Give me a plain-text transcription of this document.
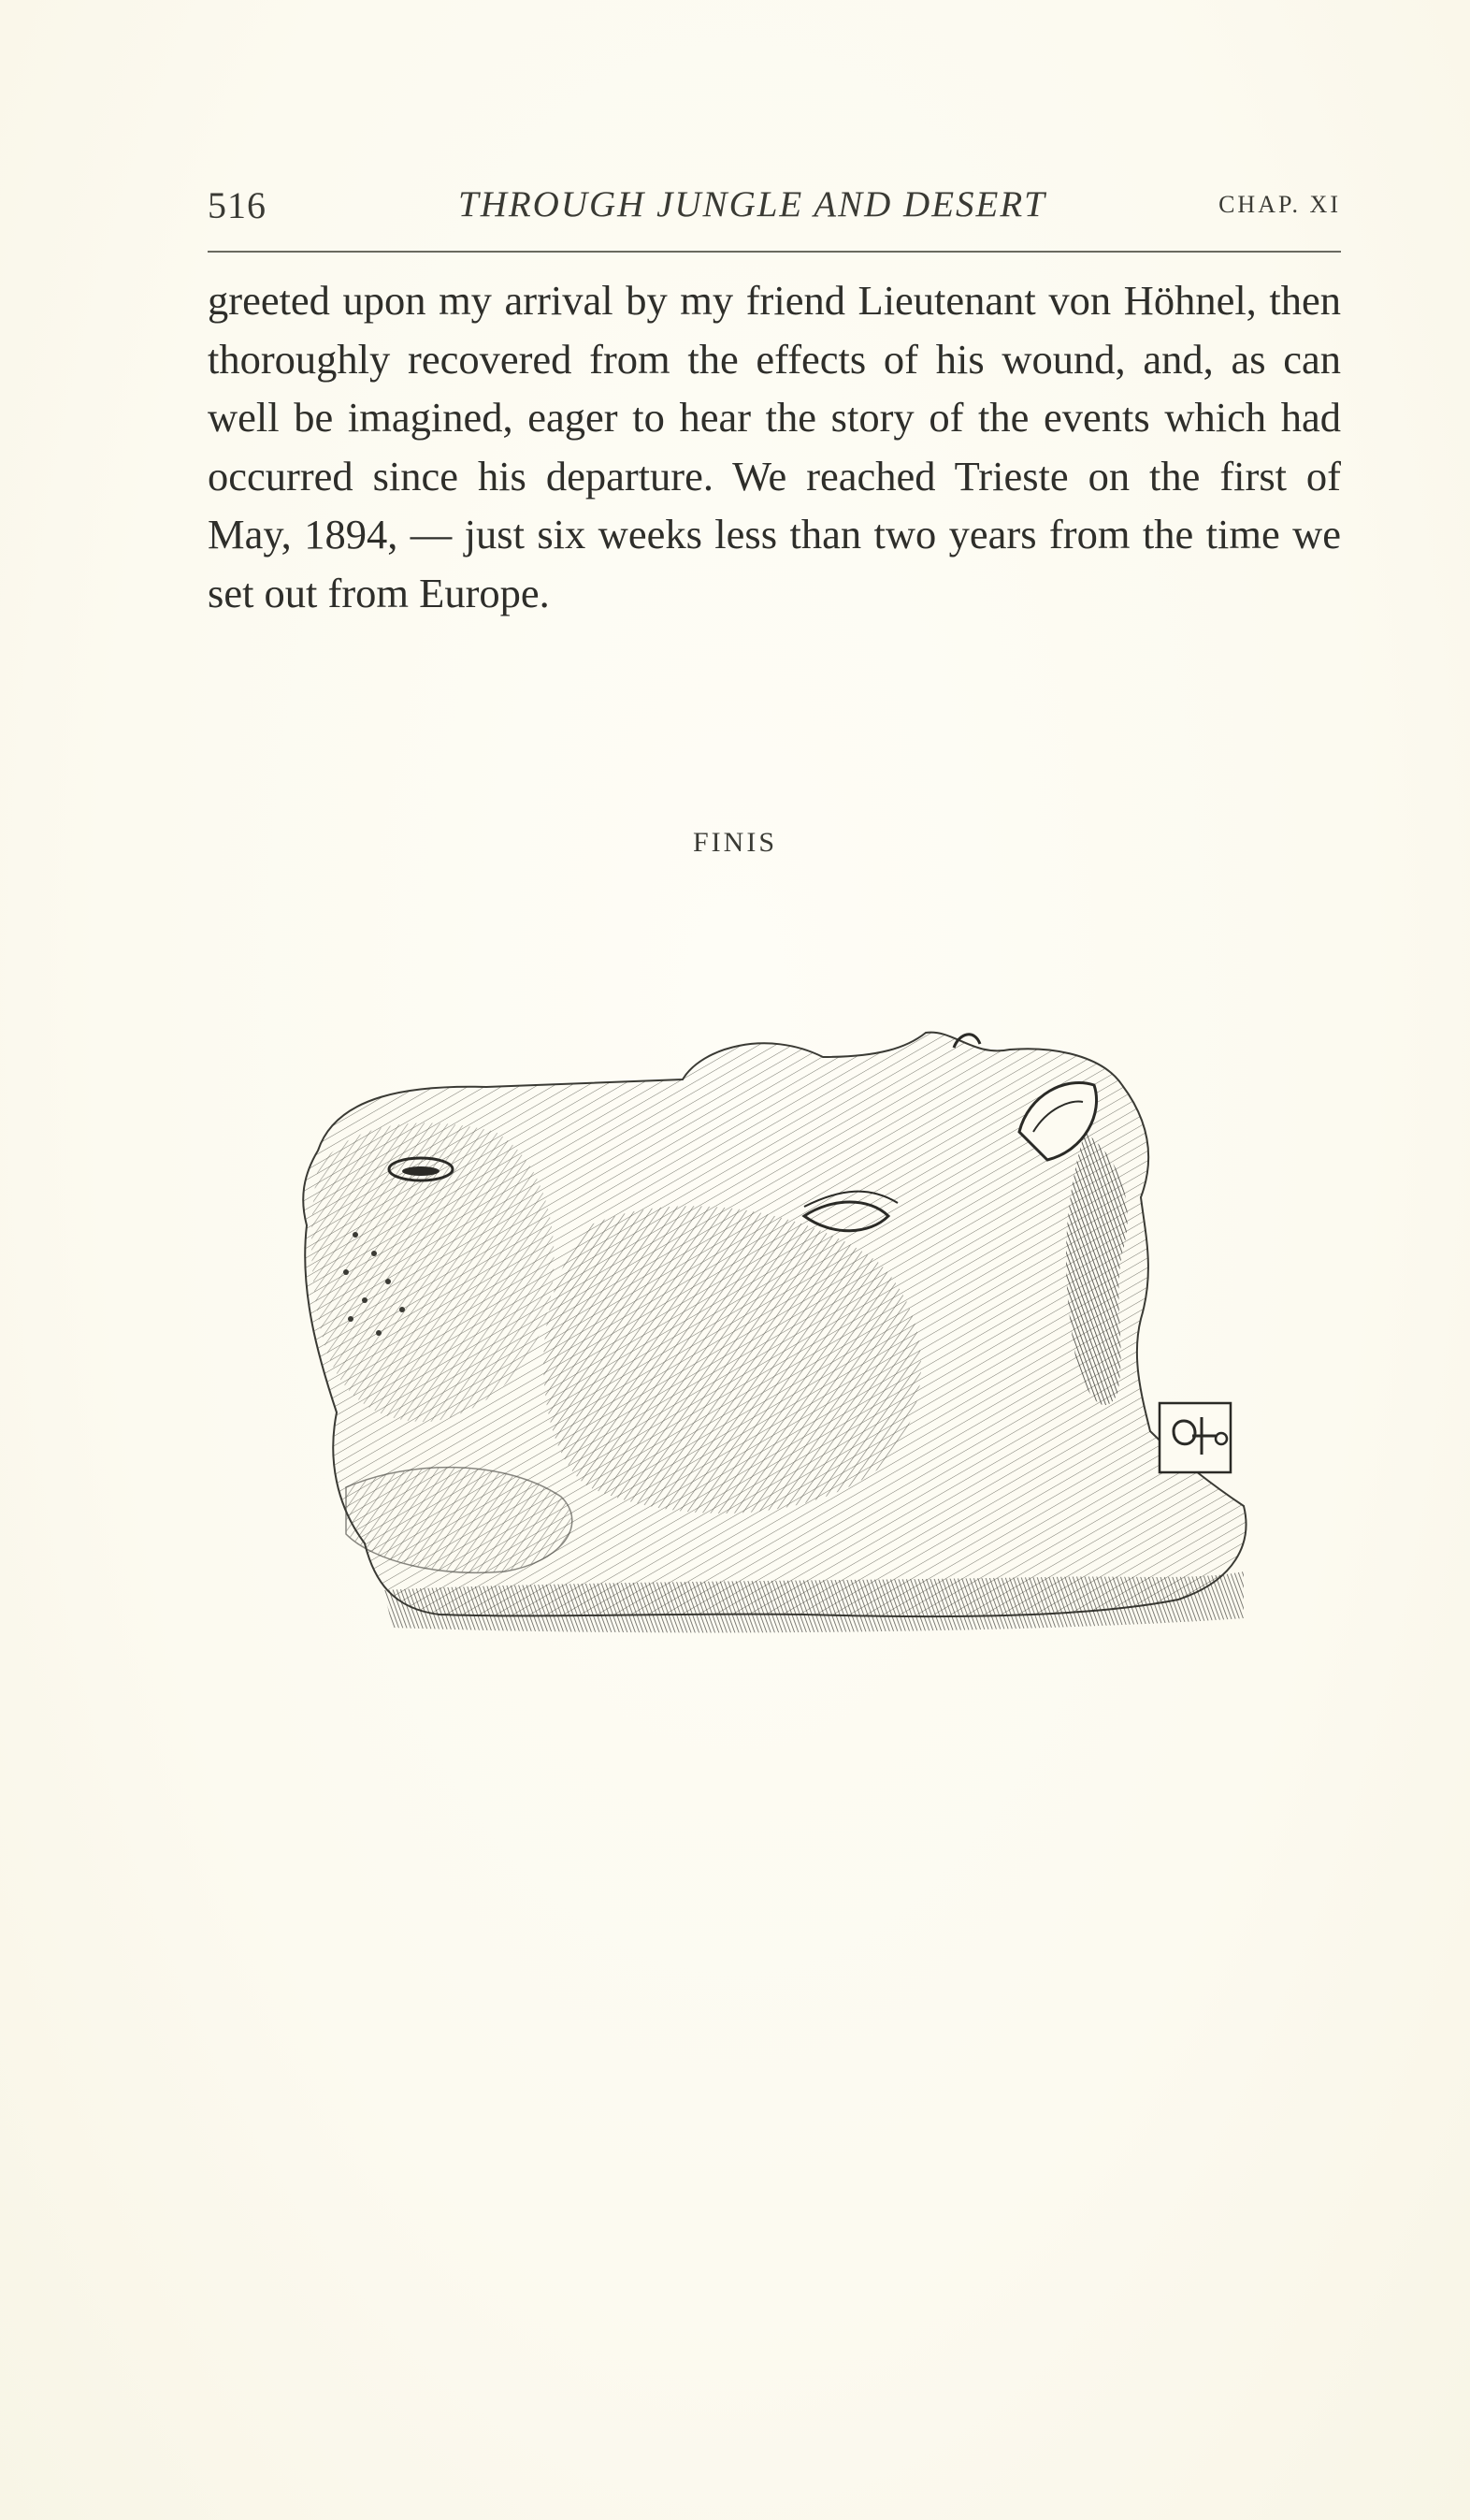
516	THROUGH JUNGLE AND DESERT	CHAP. XI

greeted upon my arrival by my friend Lieutenant von Höhnel, then thoroughly recovered from the effects of his wound, and, as can well be imagined, eager to hear the story of the events which had occurred since his departure. We reached Trieste on the first of May, 1894, — just six weeks less than two years from the time we set out from Europe.

FINIS
